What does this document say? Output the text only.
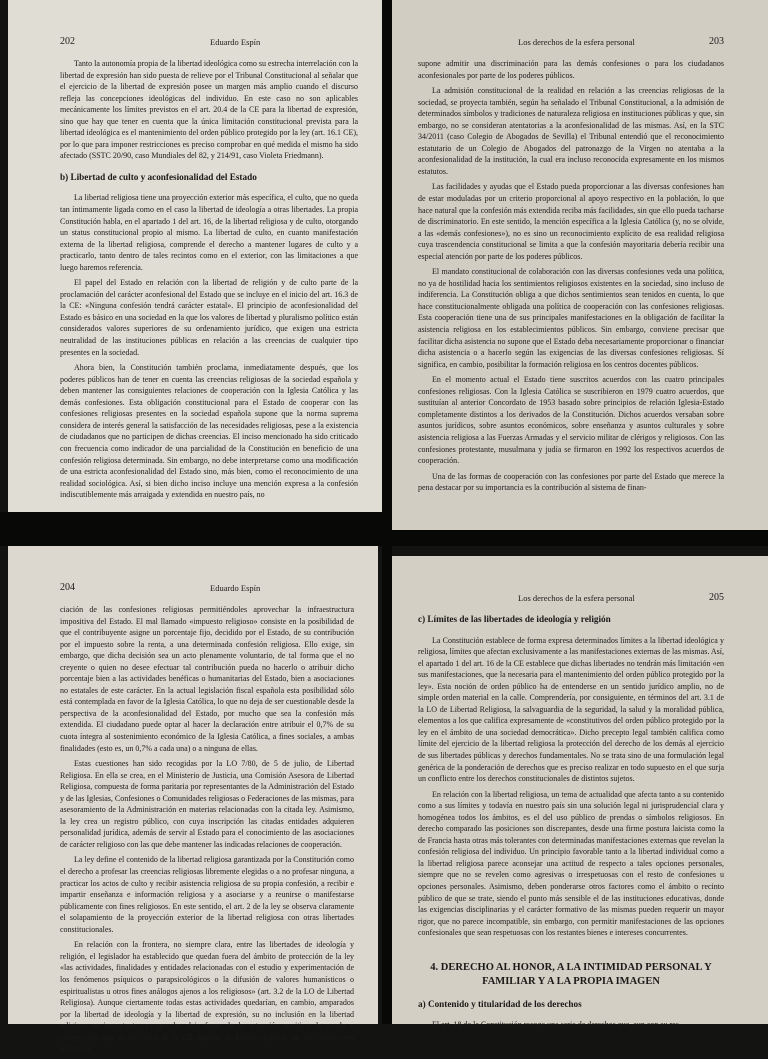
202	Eduardo Espín

Tanto la autonomía propia de la libertad ideológica como su estrecha interrelación con la libertad de expresión han sido puesta de relieve por el Tribunal Constitucional al señalar que el ejercicio de la libertad de expresión posee un margen más amplio cuando el discurso refleja las concepciones ideológicas del individuo. En este caso no son aplicables mecánicamente los límites previstos en el art. 20.4 de la CE para la libertad de expresión, sino que hay que tener en cuenta que la única limitación constitucional prevista para la libertad ideológica es el mantenimiento del orden público protegido por la ley (art. 16.1 CE), por lo que para imponer restricciones es preciso comprobar en qué medida el mismo ha sido afectado (SSTC 20/90, caso Mundiales del 82, y 214/91, caso Violeta Friedmann).

b) Libertad de culto y aconfesionalidad del Estado

La libertad religiosa tiene una proyección exterior más específica, el culto, que no queda tan íntimamente ligada como en el caso la libertad de ideología a otras libertades. La propia Constitución habla, en el apartado 1 del art. 16, de la libertad religiosa y de culto, otorgando un status constitucional propio al mismo. La libertad de culto, en cuanto manifestación externa de la libertad religiosa, comprende el derecho a mantener lugares de culto y a practicarlo, tanto dentro de tales recintos como en el exterior, con las limitaciones a que luego haremos referencia.

El papel del Estado en relación con la libertad de religión y de culto parte de la proclamación del carácter aconfesional del Estado que se incluye en el inicio del art. 16.3 de la CE: «Ninguna confesión tendrá carácter estatal». El principio de aconfesionalidad del Estado es básico en una sociedad en la que los valores de libertad y pluralismo político están considerados valores superiores de su ordenamiento jurídico, que exigen una estricta neutralidad de las instituciones públicas en relación a las creencias de cualquier tipo presentes en la sociedad.

Ahora bien, la Constitución también proclama, inmediatamente después, que los poderes públicos han de tener en cuenta las creencias religiosas de la sociedad española y deben mantener las consiguientes relaciones de cooperación con la Iglesia Católica y las demás confesiones. Esta obligación constitucional para el Estado de cooperar con las confesiones religiosas presentes en la sociedad española supone que la norma suprema considera de interés general la satisfacción de las necesidades religiosas, pese a la existencia de ciudadanos que no participen de dichas creencias. El inciso mencionado ha sido criticado con frecuencia como indicador de una parcialidad de la Constitución en beneficio de una confesión religiosa determinada. Sin embargo, no debe interpretarse como una modificación de una estricta aconfesionalidad del Estado sino, más bien, como el reconocimiento de una realidad sociológica. Así, si bien dicho inciso incluye una mención expresa a la confesión indiscutiblemente más arraigada y extendida en nuestro país, no

Los derechos de la esfera personal	203

supone admitir una discriminación para las demás confesiones o para los ciudadanos aconfesionales por parte de los poderes públicos.

La admisión constitucional de la realidad en relación a las creencias religiosas de la sociedad, se proyecta también, según ha señalado el Tribunal Constitucional, a la admisión de determinados símbolos y tradiciones de naturaleza religiosa en instituciones públicas y que, sin embargo, no se consideran atentatorias a la aconfesionalidad de las mismas. Así, en la STC 34/2011 (caso Colegio de Abogados de Sevilla) el Tribunal entendió que el reconocimiento estatutario de un Colegio de Abogados del patronazgo de la Virgen no atentaba a la aconfesionalidad de la institución, la cual era incluso reconocida expresamente en los mismos estatutos.

Las facilidades y ayudas que el Estado pueda proporcionar a las diversas confesiones han de estar moduladas por un criterio proporcional al apoyo respectivo en la población, lo que hace natural que la confesión más extendida reciba más facilidades, sin que ello pueda tacharse de discriminatorio. En este sentido, la mención específica a la Iglesia Católica (y, no se olvide, a las «demás confesiones»), no es sino un reconocimiento explícito de esa realidad religiosa cuya trascendencia constitucional se limita a que la confesión mayoritaria debería recibir una especial atención por parte de los poderes públicos.

El mandato constitucional de colaboración con las diversas confesiones veda una política, no ya de hostilidad hacia los sentimientos religiosos existentes en la sociedad, sino incluso de indiferencia. La Constitución obliga a que dichos sentimientos sean tenidos en cuenta, lo que hace constitucionalmente obligada una política de cooperación con las confesiones religiosas. Esta cooperación tiene una de sus principales manifestaciones en la obligación de facilitar la asistencia religiosa en los establecimientos públicos. Sin embargo, conviene precisar que facilitar dicha asistencia no supone que el Estado deba necesariamente proporcionar o financiar dicha asistencia o a hacerlo según las exigencias de las diversas confesiones religiosas. Sí significa, en cambio, posibilitar la formación religiosa en los centros docentes públicos.

En el momento actual el Estado tiene suscritos acuerdos con las cuatro principales confesiones religiosas. Con la Iglesia Católica se suscribieron en 1979 cuatro acuerdos, que sustituían al anterior Concordato de 1953 basado sobre principios de relación Iglesia-Estado completamente distintos a los derivados de la Constitución. Dichos acuerdos versaban sobre asuntos jurídicos, sobre asuntos económicos, sobre enseñanza y asuntos culturales y sobre asistencia religiosa a las Fuerzas Armadas y el servicio militar de clérigos y religiosos. Con las confesiones protestante, musulmana y judía se firmaron en 1992 los respectivos acuerdos de cooperación.

Una de las formas de cooperación con las confesiones por parte del Estado que merece la pena destacar por su importancia es la contribución al sistema de finan-

204	Eduardo Espín

ciación de las confesiones religiosas permitiéndoles aprovechar la infraestructura impositiva del Estado. El mal llamado «impuesto religioso» consiste en la posibilidad de que el contribuyente asigne un porcentaje fijo, decidido por el Estado, de su contribución por el impuesto sobre la renta, a una determinada confesión religiosa. Ello exige, sin embargo, que dicha decisión sea un acto plenamente voluntario, de tal forma que el no creyente o quien no desee efectuar tal contribución pueda no hacerlo o atribuir dicho porcentaje bien a las actividades benéficas o humanitarias del Estado, bien a asociaciones no estatales de este carácter. En la actual legislación fiscal española esta posibilidad sólo está contemplada en favor de la Iglesia Católica, lo que no deja de ser cuestionable desde la perspectiva de la aconfesionalidad del Estado, por mucho que sea la confesión más extendida. El ciudadano puede optar al hacer la declaración entre atribuir el 0,7% de su cuota íntegra al sostenimiento económico de la Iglesia Católica, a fines sociales, a ambas finalidades (esto es, un 0,7% a cada una) o a ninguna de ellas.

Estas cuestiones han sido recogidas por la LO 7/80, de 5 de julio, de Libertad Religiosa. En ella se crea, en el Ministerio de Justicia, una Comisión Asesora de Libertad Religiosa, compuesta de forma paritaria por representantes de la Administración del Estado y de las Iglesias, Confesiones o Comunidades religiosas o Federaciones de las mismas, para asesoramiento de la Administración en materias relacionadas con la citada ley. Asimismo, la ley crea un registro público, con cuya inscripción las citadas entidades adquieren personalidad jurídica, además de servir al Estado para el conocimiento de las asociaciones de carácter religioso con las que debe mantener las indicadas relaciones de cooperación.

La ley define el contenido de la libertad religiosa garantizada por la Constitución como el derecho a profesar las creencias religiosas libremente elegidas o a no profesar ninguna, a practicar los actos de culto y recibir asistencia religiosa de su propia confesión, a recibir e impartir enseñanza e información religiosa y a asociarse y a reunirse o manifestarse públicamente con fines religiosos. En este sentido, el art. 2 de la ley se observa claramente el solapamiento de la proyección exterior de la libertad religiosa con otras libertades constitucionales.

En relación con la frontera, no siempre clara, entre las libertades de ideología y religión, el legislador ha establecido que quedan fuera del ámbito de protección de la ley «las actividades, finalidades y entidades relacionadas con el estudio y experimentación de los fenómenos psíquicos o parapsicológicos o la difusión de valores humanísticos o espiritualistas u otros fines análogos ajenos a los religiosos» (art. 3.2 de la LO de Libertad Religiosa). Aunque ciertamente todas estas actividades quedarían, en cambio, amparados por la libertad de ideología y la libertad de expresión, su no inclusión en la libertad religiosa es importante, ya que las deja fuera de la actuación positiva de ayuda y cooperación que el art. 16.3 de la CE impone al Estado respecto de las confesiones religiosas.

Los derechos de la esfera personal	205
c) Límites de las libertades de ideología y religión

La Constitución establece de forma expresa determinados límites a la libertad ideológica y religiosa, límites que afectan exclusivamente a las manifestaciones externas de las mismas. Así, el apartado 1 del art. 16 de la CE establece que dichas libertades no tendrán más limitación «en sus manifestaciones, que la necesaria para el mantenimiento del orden público protegido por la ley». Esta noción de orden público ha de entenderse en un sentido jurídico amplio, no de simple orden material en la calle. Comprendería, por consiguiente, en términos del art. 3.1 de la LO de Libertad Religiosa, la salvaguardia de la seguridad, la salud y la moralidad pública, elementos a los que califica expresamente de «constitutivos del orden público protegido por la ley en el ámbito de una sociedad democrática». Dicho precepto legal también califica como límite del ejercicio de la libertad religiosa la protección del derecho de los demás al ejercicio de sus libertades públicas y derechos fundamentales. No se trata sino de una formulación legal genérica de la ponderación de derechos que es preciso realizar en todo supuesto en el que surja un conflicto entre los derechos constitucionales de distintos sujetos.

En relación con la libertad religiosa, un tema de actualidad que afecta tanto a su contenido como a sus límites y todavía en nuestro país sin una solución legal ni jurisprudencial clara y homogénea todos los ámbitos, es el del uso público de prendas o símbolos religiosos. En derecho comparado las posiciones son discrepantes, desde una firme postura laicista como la de Francia hasta otras más tolerantes con determinadas manifestaciones externas que revelan la confesión religiosa del individuo. Un principio favorable tanto a la libertad individual como a la libertad religiosa parece aconsejar una actitud de respecto a tales opciones personales, siempre que no se revelen como agresivas o irrespetuosas con el resto de confesiones u opciones personales. Asimismo, deben ponderarse otros factores como el ámbito o recinto público de que se trate, siendo el punto más sensible el de las instituciones educativas, donde las exigencias disciplinarias y el carácter formativo de las mismas pueden requerir un mayor rigor, que no parece incompatible, sin embargo, con permitir manifestaciones de las opciones confesionales que sean respetuosas con los restantes bienes e intereses concurrentes.

4. DERECHO AL HONOR, A LA INTIMIDAD PERSONAL Y FAMILIAR Y A LA PROPIA IMAGEN
a) Contenido y titularidad de los derechos

El art. 18 de la Constitución recoge una serie de derechos que, aun con su res-
